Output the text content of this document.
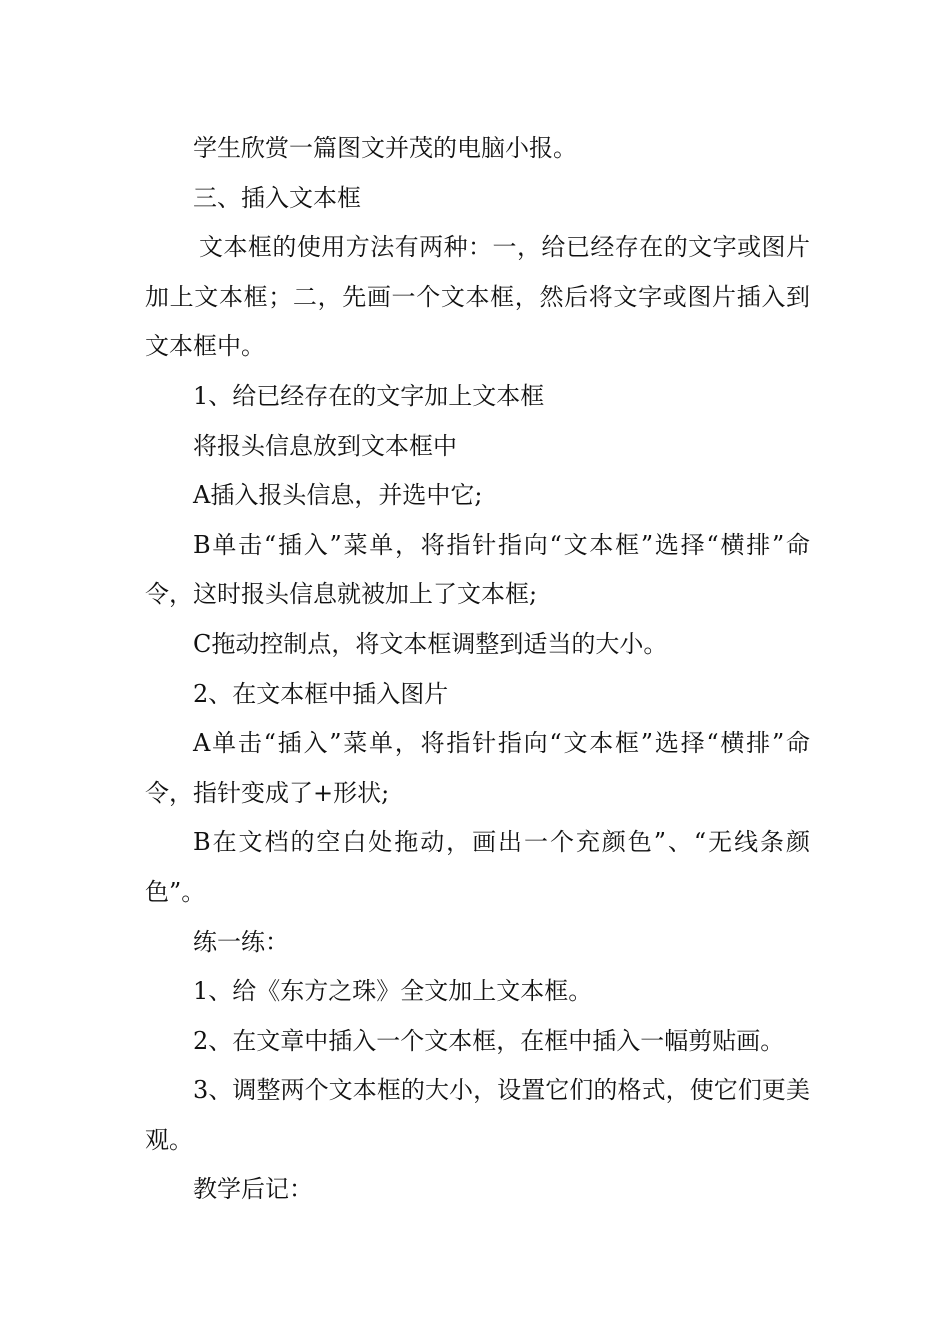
学生欣赏一篇图文并茂的电脑小报。

三、插入文本框

文本框的使用方法有两种：一，给已经存在的文字或图片加上文本框；二，先画一个文本框，然后将文字或图片插入到文本框中。

1、给已经存在的文字加上文本框

将报头信息放到文本框中

A插入报头信息，并选中它;

B单击“插入”菜单，将指针指向“文本框”选择“横排”命令，这时报头信息就被加上了文本框;

C拖动控制点，将文本框调整到适当的大小。

2、在文本框中插入图片

A单击“插入”菜单，将指针指向“文本框”选择“横排”命令，指针变成了+形状;

B在文档的空白处拖动，画出一个充颜色”、“无线条颜色”。

练一练：

1、给《东方之珠》全文加上文本框。

2、在文章中插入一个文本框，在框中插入一幅剪贴画。

3、调整两个文本框的大小，设置它们的格式，使它们更美观。

教学后记：
